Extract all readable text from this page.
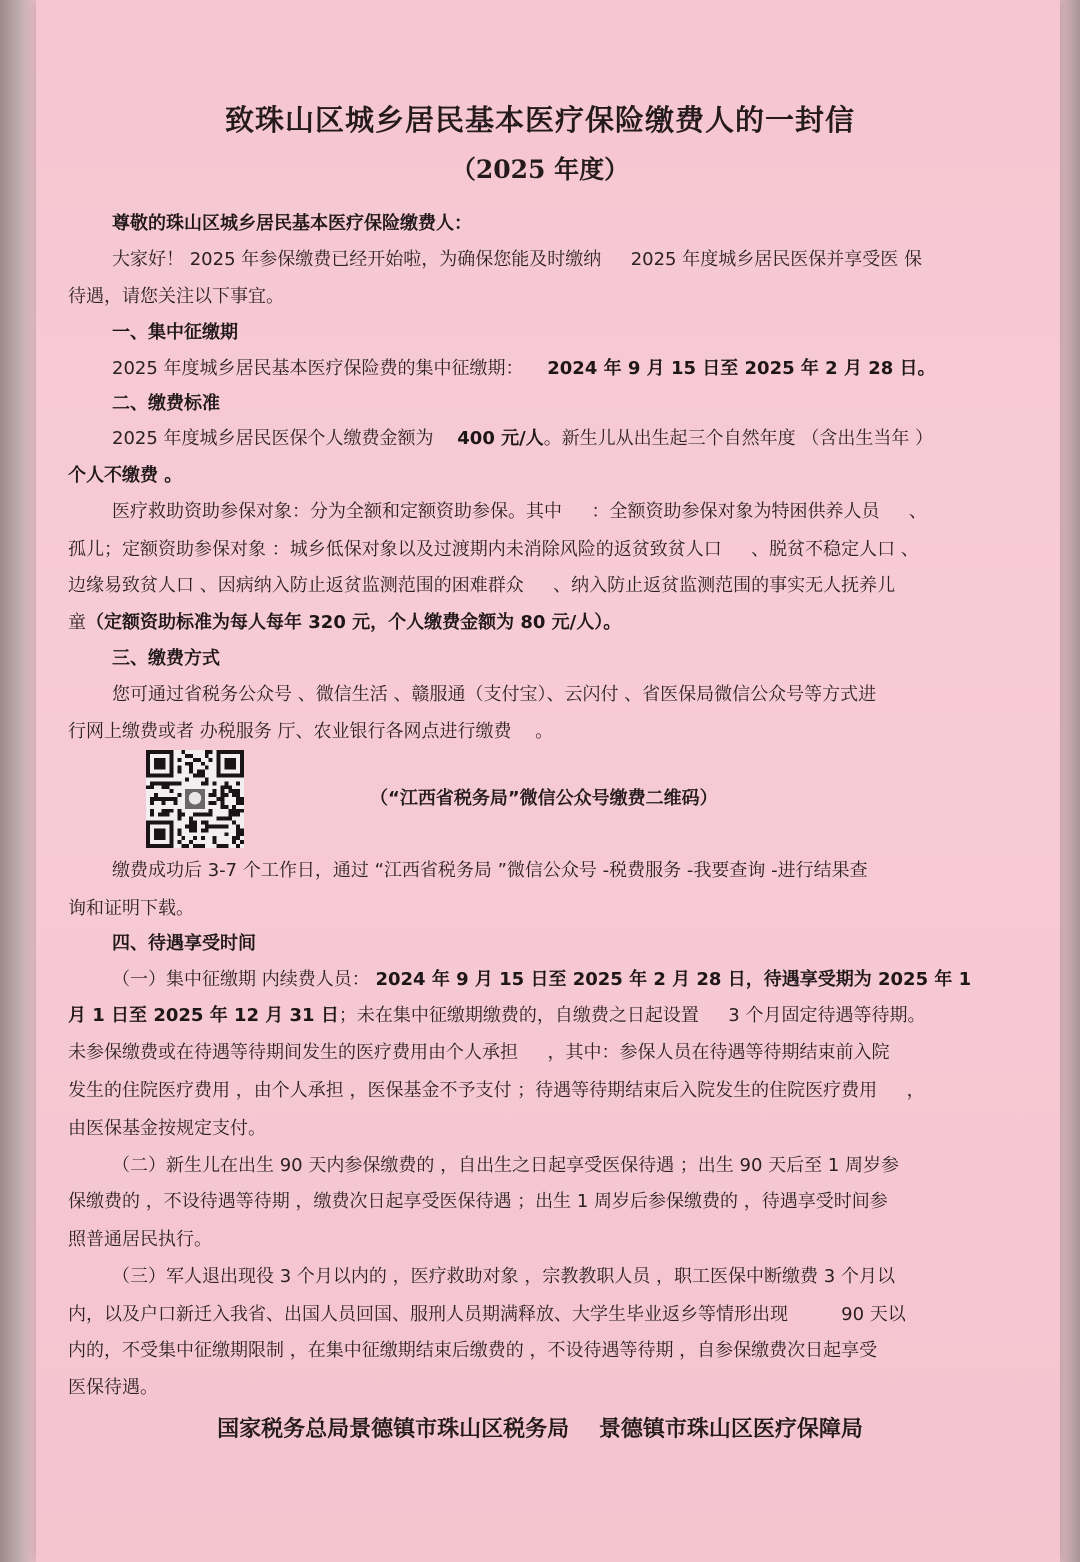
致珠山区城乡居民基本医疗保险缴费人的一封信
（2025 年度）
尊敬的珠山区城乡居民基本医疗保险缴费人：
大家好！ 2025 年参保缴费已经开始啦，为确保您能及时缴纳 　 2025 年度城乡居民医保并享受医 保
待遇，请您关注以下事宜。
一、集中征缴期
2025 年度城乡居民基本医疗保险费的集中征缴期： 　2024 年 9 月 15 日至 2025 年 2 月 28 日。
二、缴费标准
2025 年度城乡居民医保个人缴费金额为 　400 元/人。新生儿从出生起三个自然年度 （含出生当年 ）
个人不缴费 。
医疗救助资助参保对象：分为全额和定额资助参保。其中 　 ：全额资助参保对象为特困供养人员 　 、
孤儿；定额资助参保对象 ：城乡低保对象以及过渡期内未消除风险的返贫致贫人口 　 、脱贫不稳定人口 、
边缘易致贫人口 、因病纳入防止返贫监测范围的困难群众 　 、纳入防止返贫监测范围的事实无人抚养儿
童（定额资助标准为每人每年 320 元，个人缴费金额为 80 元/人）。
三、缴费方式
您可通过省税务公众号 、微信生活 、赣服通（支付宝）、云闪付 、省医保局微信公众号等方式进
行网上缴费或者 办税服务 厅、农业银行各网点进行缴费 　。
（“江西省税务局”微信公众号缴费二维码）
缴费成功后 3-7 个工作日，通过 “江西省税务局 ”微信公众号 -税费服务 -我要查询 -进行结果查
询和证明下载。
四、待遇享受时间
（一）集中征缴期 内续费人员： 2024 年 9 月 15 日至 2025 年 2 月 28 日，待遇享受期为 2025 年 1
月 1 日至 2025 年 12 月 31 日；未在集中征缴期缴费的，自缴费之日起设置 　 3 个月固定待遇等待期。
未参保缴费或在待遇等待期间发生的医疗费用由个人承担 　 ，其中：参保人员在待遇等待期结束前入院
发生的住院医疗费用 ，由个人承担 ，医保基金不予支付 ；待遇等待期结束后入院发生的住院医疗费用 　 ，
由医保基金按规定支付。
（二）新生儿在出生 90 天内参保缴费的 ，自出生之日起享受医保待遇 ；出生 90 天后至 1 周岁参
保缴费的 ，不设待遇等待期 ，缴费次日起享受医保待遇 ；出生 1 周岁后参保缴费的 ，待遇享受时间参
照普通居民执行。
（三）军人退出现役 3 个月以内的 ，医疗救助对象 ，宗教教职人员 ，职工医保中断缴费 3 个月以
内，以及户口新迁入我省、出国人员回国、服刑人员期满释放、大学生毕业返乡等情形出现 　 　 90 天以
内的，不受集中征缴期限制 ，在集中征缴期结束后缴费的 ，不设待遇等待期 ，自参保缴费次日起享受
医保待遇。
国家税务总局景德镇市珠山区税务局　 景德镇市珠山区医疗保障局
